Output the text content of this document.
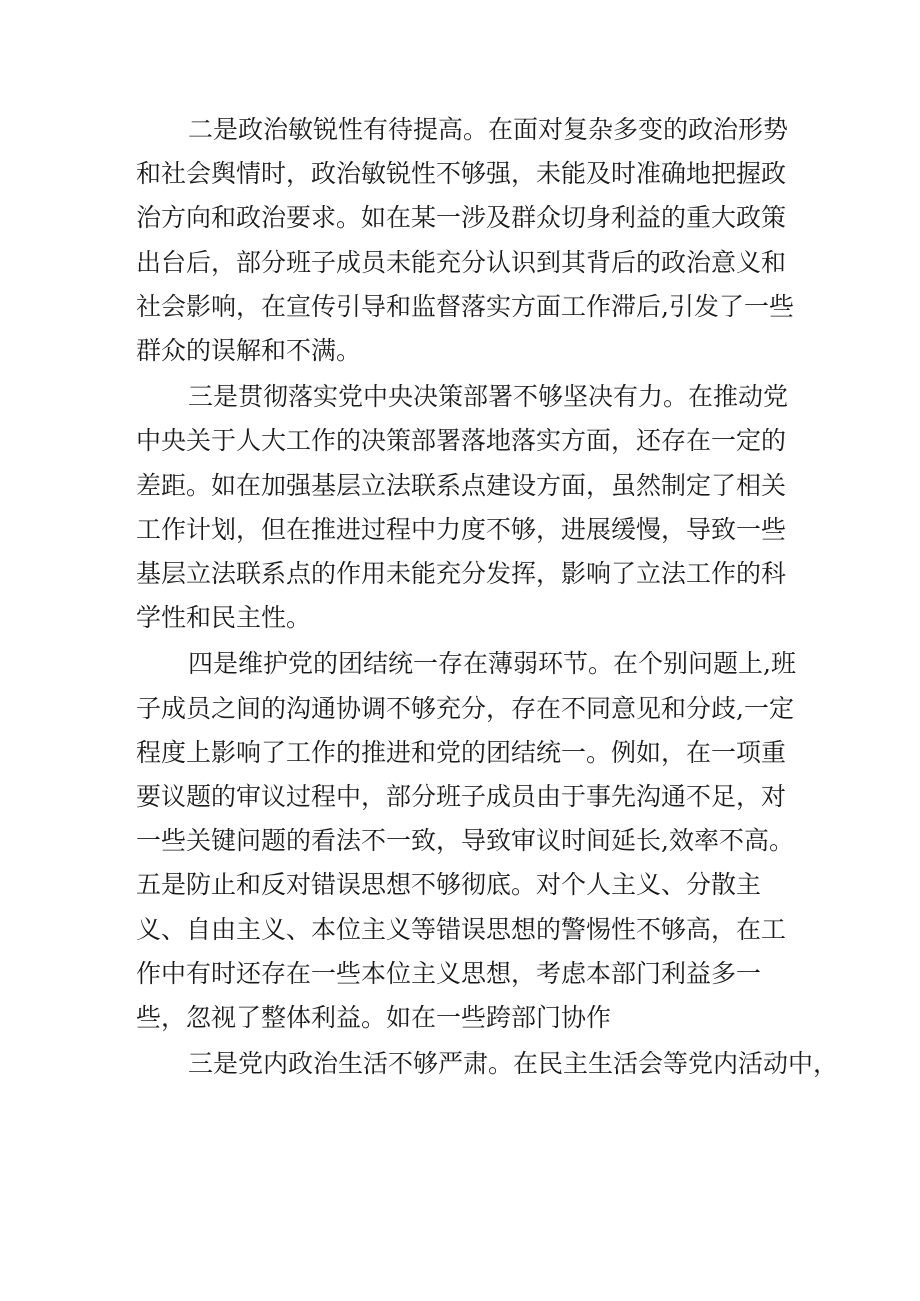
二是政治敏锐性有待提高。在面对复杂多变的政治形势
和社会舆情时，政治敏锐性不够强，未能及时准确地把握政
治方向和政治要求。如在某一涉及群众切身利益的重大政策
出台后，部分班子成员未能充分认识到其背后的政治意义和
社会影响，在宣传引导和监督落实方面工作滞后,引发了一些
群众的误解和不满。
三是贯彻落实党中央决策部署不够坚决有力。在推动党
中央关于人大工作的决策部署落地落实方面，还存在一定的
差距。如在加强基层立法联系点建设方面，虽然制定了相关
工作计划，但在推进过程中力度不够，进展缓慢，导致一些
基层立法联系点的作用未能充分发挥，影响了立法工作的科
学性和民主性。
四是维护党的团结统一存在薄弱环节。在个别问题上,班
子成员之间的沟通协调不够充分，存在不同意见和分歧,一定
程度上影响了工作的推进和党的团结统一。例如，在一项重
要议题的审议过程中，部分班子成员由于事先沟通不足，对
一些关键问题的看法不一致，导致审议时间延长,效率不高。
五是防止和反对错误思想不够彻底。对个人主义、分散主
义、自由主义、本位主义等错误思想的警惕性不够高，在工
作中有时还存在一些本位主义思想，考虑本部门利益多一
些，忽视了整体利益。如在一些跨部门协作
三是党内政治生活不够严肃。在民主生活会等党内活动中，
